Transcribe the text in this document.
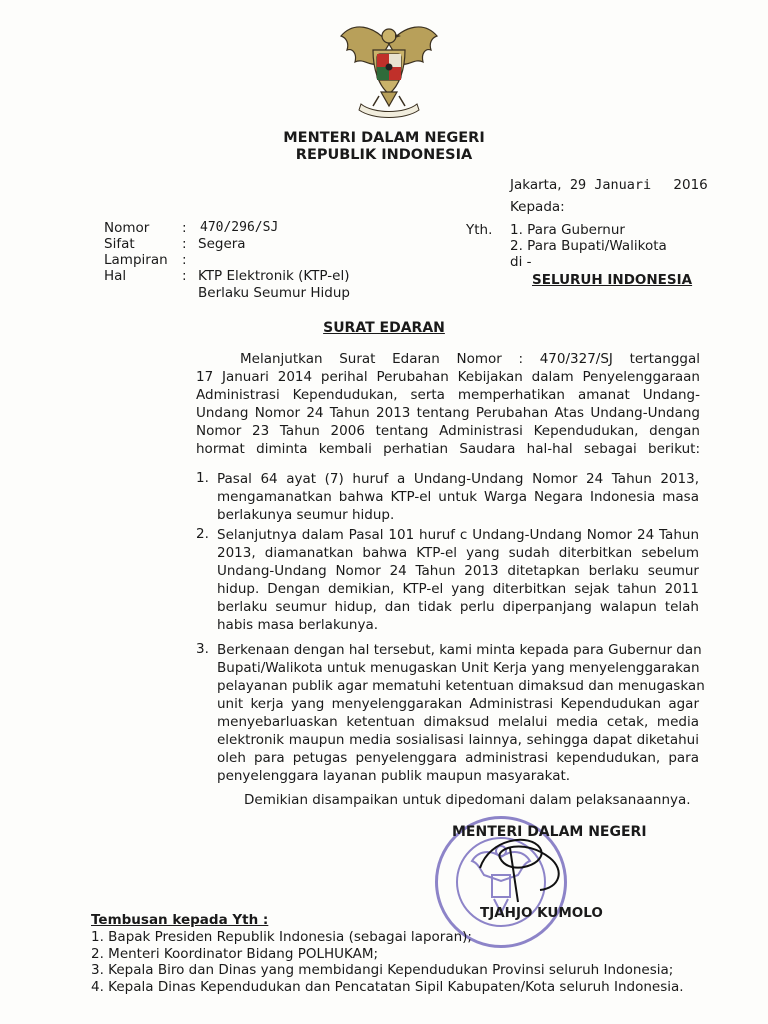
MENTERI DALAM NEGERI
REPUBLIK INDONESIA
Jakarta, 29 Januari 2016
Kepada:
Nomor : 470/296/SJ
Sifat	: Segera
Lampiran :
Hal	: KTP Elektronik (KTP-el)
Berlaku Seumur Hidup
Yth. 1. Para Gubernur
2. Para Bupati/Walikota
di -
SELURUH INDONESIA
SURAT EDARAN

Melanjutkan Surat Edaran Nomor : 470/327/SJ tertanggal

17 Januari 2014 perihal Perubahan Kebijakan dalam Penyelenggaraan

Administrasi Kependudukan, serta memperhatikan amanat Undang-

Undang Nomor 24 Tahun 2013 tentang Perubahan Atas Undang-Undang

Nomor 23 Tahun 2006 tentang Administrasi Kependudukan, dengan

hormat diminta kembali perhatian Saudara hal-hal sebagai berikut:

1. Pasal 64 ayat (7) huruf a Undang-Undang Nomor 24 Tahun 2013,

mengamanatkan bahwa KTP-el untuk Warga Negara Indonesia masa

berlakunya seumur hidup.

2. Selanjutnya dalam Pasal 101 huruf c Undang-Undang Nomor 24 Tahun

2013, diamanatkan bahwa KTP-el yang sudah diterbitkan sebelum

Undang-Undang Nomor 24 Tahun 2013 ditetapkan berlaku seumur

hidup. Dengan demikian, KTP-el yang diterbitkan sejak tahun 2011

berlaku seumur hidup, dan tidak perlu diperpanjang walapun telah

habis masa berlakunya.

3. Berkenaan dengan hal tersebut, kami minta kepada para Gubernur dan

Bupati/Walikota untuk menugaskan Unit Kerja yang menyelenggarakan

pelayanan publik agar mematuhi ketentuan dimaksud dan menugaskan

unit kerja yang menyelenggarakan Administrasi Kependudukan agar

menyebarluaskan ketentuan dimaksud melalui media cetak, media

elektronik maupun media sosialisasi lainnya, sehingga dapat diketahui

oleh para petugas penyelenggara administrasi kependudukan, para

penyelenggara layanan publik maupun masyarakat.

Demikian disampaikan untuk dipedomani dalam pelaksanaannya.
MENTERI DALAM NEGERI
TJAHJO KUMOLO
Tembusan kepada Yth :
1. Bapak Presiden Republik Indonesia (sebagai laporan);
2. Menteri Koordinator Bidang POLHUKAM;
3. Kepala Biro dan Dinas yang membidangi Kependudukan Provinsi seluruh Indonesia;
4. Kepala Dinas Kependudukan dan Pencatatan Sipil Kabupaten/Kota seluruh Indonesia.
